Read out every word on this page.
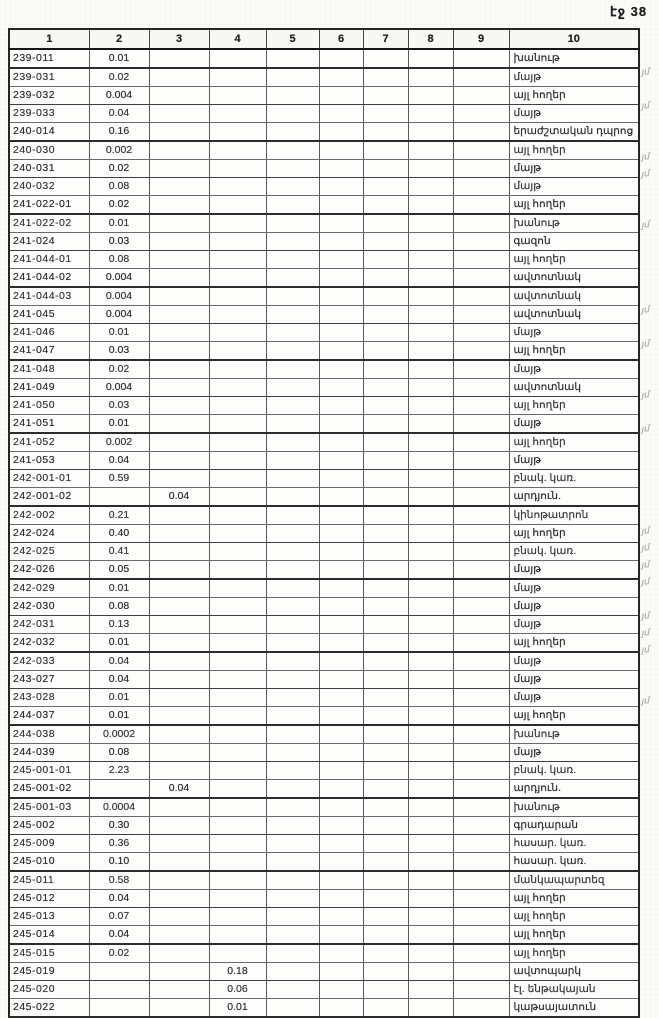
էջ 38
1	2	3	4	5	6	7	8	9	10
239-011	0.01								խանութ
239-031	0.02								մայթ
239-032	0.004								այլ հողեր
239-033	0.04								մայթ
240-014	0.16								երաժշտական դպրոց
240-030	0.002								այլ հողեր
240-031	0.02								մայթ
240-032	0.08								մայթ
241-022-01	0.02								այլ հողեր
241-022-02	0.01								խանութ
241-024	0.03								գազոն
241-044-01	0.08								այլ հողեր
241-044-02	0.004								ավտոտնակ
241-044-03	0.004								ավտոտնակ
241-045	0.004								ավտոտնակ
241-046	0.01								մայթ
241-047	0.03								այլ հողեր
241-048	0.02								մայթ
241-049	0.004								ավտոտնակ
241-050	0.03								այլ հողեր
241-051	0.01								մայթ
241-052	0.002								այլ հողեր
241-053	0.04								մայթ
242-001-01	0.59								բնակ. կառ.
242-001-02		0.04							արդյուն.
242-002	0.21								կինոթատրոն
242-024	0.40								այլ հողեր
242-025	0.41								բնակ. կառ.
242-026	0.05								մայթ
242-029	0.01								մայթ
242-030	0.08								մայթ
242-031	0.13								մայթ
242-032	0.01								այլ հողեր
242-033	0.04								մայթ
243-027	0.04								մայթ
243-028	0.01								մայթ
244-037	0.01								այլ հողեր
244-038	0.0002								խանութ
244-039	0.08								մայթ
245-001-01	2.23								բնակ. կառ.
245-001-02		0.04							արդյուն.
245-001-03	0.0004								խանութ
245-002	0.30								գրադարան
245-009	0.36								հասար. կառ.
245-010	0.10								հասար. կառ.
245-011	0.58								մանկապարտեզ
245-012	0.04								այլ հողեր
245-013	0.07								այլ հողեր
245-014	0.04								այլ հողեր
245-015	0.02								այլ հողեր
245-019			0.18						ավտոպարկ
245-020			0.06						էլ. ենթակայան
245-022			0.01						կաթսայատուն
յմ
յմ
յմ
յմ
յմ
յմ
յմ
յմ
յմ
յմ
յմ
յմ
յմ
յմ
յմ
յմ
յմ
